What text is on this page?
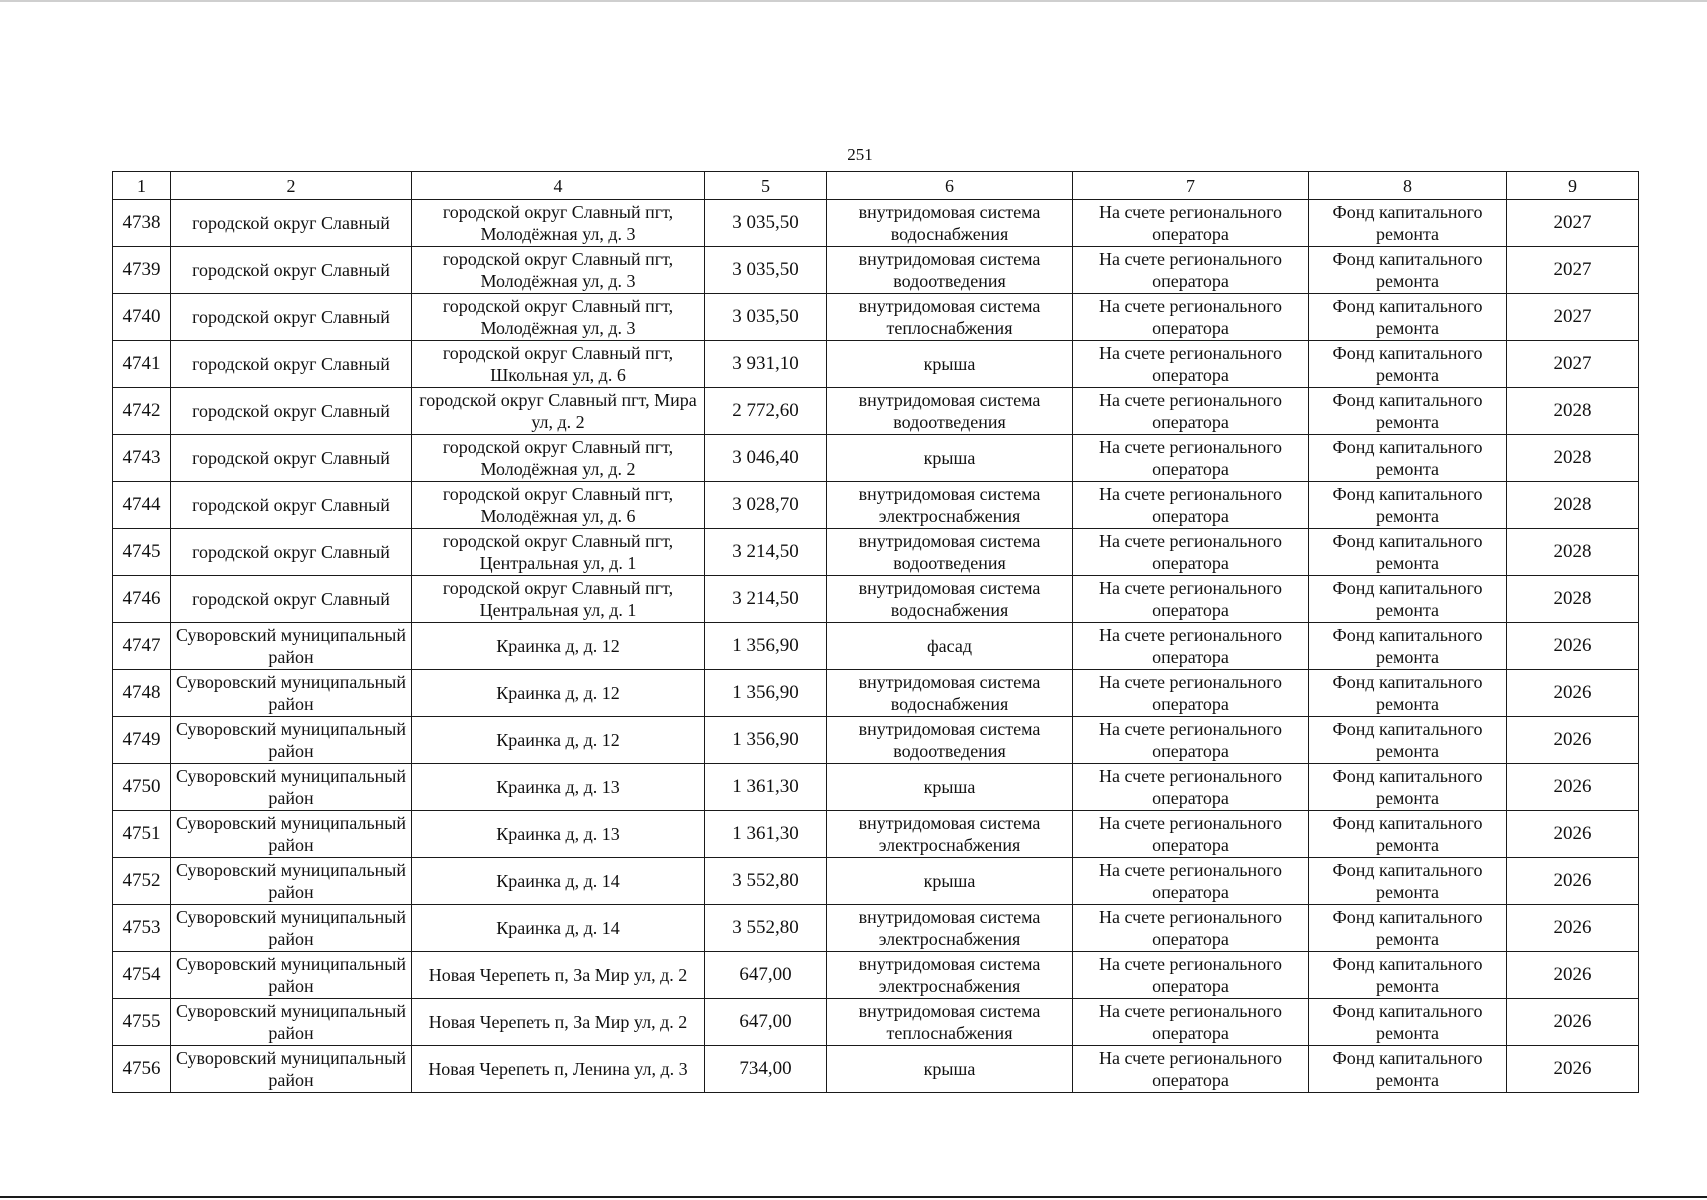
251
1	2	4	5	6	7	8	9
4738	городской округ Славный	городской округ Славный пгт, Молодёжная ул, д. 3	3 035,50	внутридомовая система водоснабжения	На счете регионального оператора	Фонд капитального ремонта	2027
4739	городской округ Славный	городской округ Славный пгт, Молодёжная ул, д. 3	3 035,50	внутридомовая система водоотведения	На счете регионального оператора	Фонд капитального ремонта	2027
4740	городской округ Славный	городской округ Славный пгт, Молодёжная ул, д. 3	3 035,50	внутридомовая система теплоснабжения	На счете регионального оператора	Фонд капитального ремонта	2027
4741	городской округ Славный	городской округ Славный пгт, Школьная ул, д. 6	3 931,10	крыша	На счете регионального оператора	Фонд капитального ремонта	2027
4742	городской округ Славный	городской округ Славный пгт, Мира ул, д. 2	2 772,60	внутридомовая система водоотведения	На счете регионального оператора	Фонд капитального ремонта	2028
4743	городской округ Славный	городской округ Славный пгт, Молодёжная ул, д. 2	3 046,40	крыша	На счете регионального оператора	Фонд капитального ремонта	2028
4744	городской округ Славный	городской округ Славный пгт, Молодёжная ул, д. 6	3 028,70	внутридомовая система электроснабжения	На счете регионального оператора	Фонд капитального ремонта	2028
4745	городской округ Славный	городской округ Славный пгт, Центральная ул, д. 1	3 214,50	внутридомовая система водоотведения	На счете регионального оператора	Фонд капитального ремонта	2028
4746	городской округ Славный	городской округ Славный пгт, Центральная ул, д. 1	3 214,50	внутридомовая система водоснабжения	На счете регионального оператора	Фонд капитального ремонта	2028
4747	Суворовский муниципальный район	Краинка д, д. 12	1 356,90	фасад	На счете регионального оператора	Фонд капитального ремонта	2026
4748	Суворовский муниципальный район	Краинка д, д. 12	1 356,90	внутридомовая система водоснабжения	На счете регионального оператора	Фонд капитального ремонта	2026
4749	Суворовский муниципальный район	Краинка д, д. 12	1 356,90	внутридомовая система водоотведения	На счете регионального оператора	Фонд капитального ремонта	2026
4750	Суворовский муниципальный район	Краинка д, д. 13	1 361,30	крыша	На счете регионального оператора	Фонд капитального ремонта	2026
4751	Суворовский муниципальный район	Краинка д, д. 13	1 361,30	внутридомовая система электроснабжения	На счете регионального оператора	Фонд капитального ремонта	2026
4752	Суворовский муниципальный район	Краинка д, д. 14	3 552,80	крыша	На счете регионального оператора	Фонд капитального ремонта	2026
4753	Суворовский муниципальный район	Краинка д, д. 14	3 552,80	внутридомовая система электроснабжения	На счете регионального оператора	Фонд капитального ремонта	2026
4754	Суворовский муниципальный район	Новая Черепеть п, За Мир ул, д. 2	647,00	внутридомовая система электроснабжения	На счете регионального оператора	Фонд капитального ремонта	2026
4755	Суворовский муниципальный район	Новая Черепеть п, За Мир ул, д. 2	647,00	внутридомовая система теплоснабжения	На счете регионального оператора	Фонд капитального ремонта	2026
4756	Суворовский муниципальный район	Новая Черепеть п, Ленина ул, д. 3	734,00	крыша	На счете регионального оператора	Фонд капитального ремонта	2026
